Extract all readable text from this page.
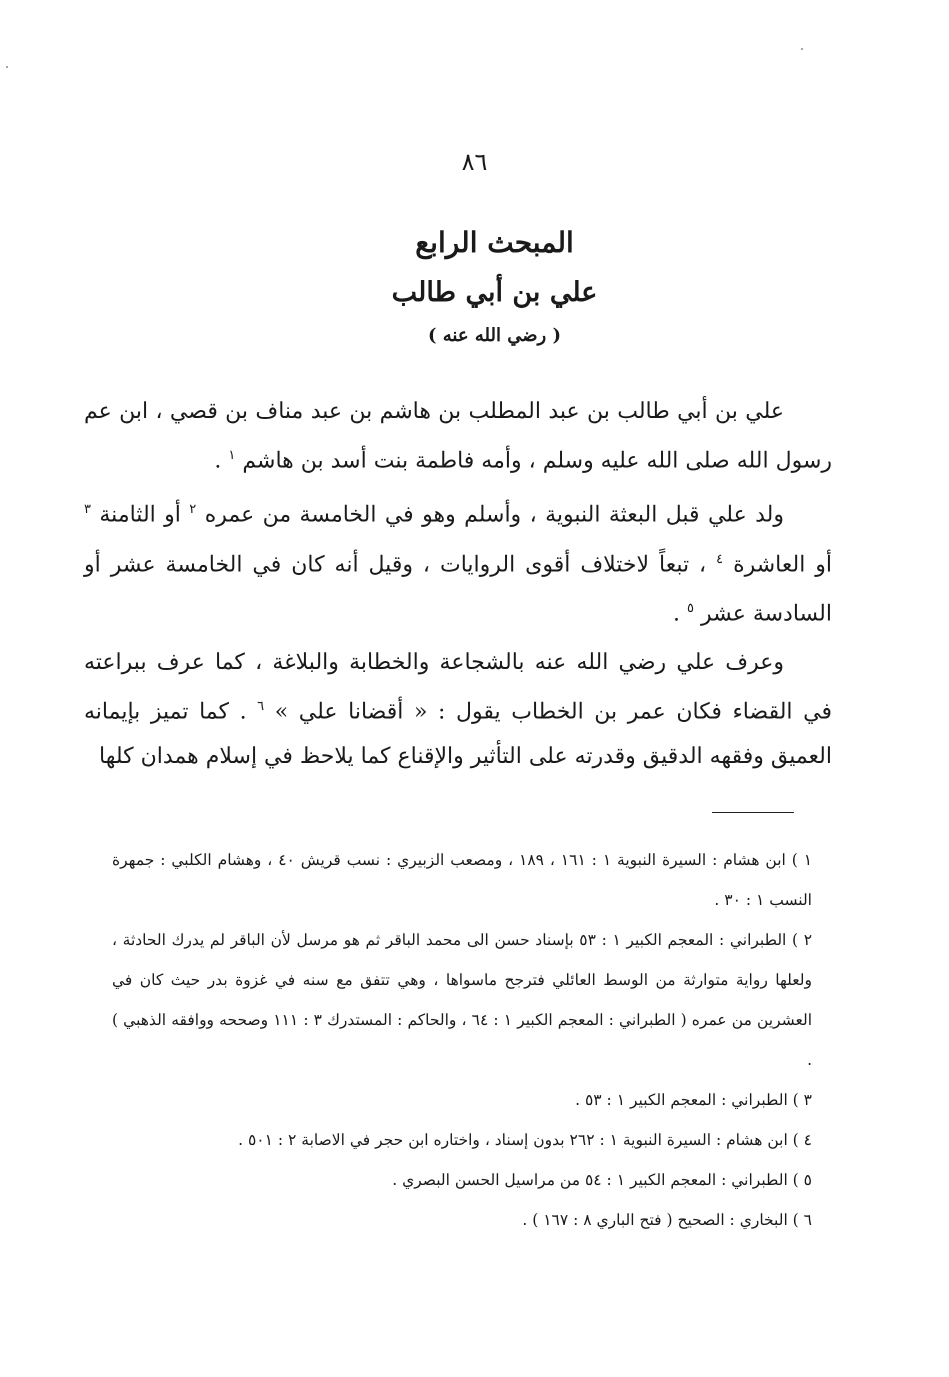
٨٦
المبحث الرابع
علي بن أبي طالب
( رضي الله عنه )

علي بن أبي طالب بن عبد المطلب بن هاشم بن عبد مناف بن قصي ، ابن عم رسول الله صلى الله عليه وسلم ، وأمه فاطمة بنت أسد بن هاشم $^١$ .

ولد علي قبل البعثة النبوية ، وأسلم وهو في الخامسة من عمره $^٢$ أو الثامنة $^٣$ أو العاشرة $^٤$ ، تبعاً لاختلاف أقوى الروايات ، وقيل أنه كان في الخامسة عشر أو السادسة عشر $^٥$ .

وعرف علي رضي الله عنه بالشجاعة والخطابة والبلاغة ، كما عرف ببراعته في القضاء فكان عمر بن الخطاب يقول : « أقضانا علي » $^٦$ . كما تميز بإيمانه العميق وفقهه الدقيق وقدرته على التأثير والإقناع كما يلاحظ في إسلام همدان كلها

١ ) ابن هشام : السيرة النبوية ١ : ١٦١ ، ١٨٩ ، ومصعب الزبيري : نسب قريش ٤٠ ، وهشام الكلبي : جمهرة النسب ١ : ٣٠ .

٢ ) الطبراني : المعجم الكبير ١ : ٥٣ بإسناد حسن الى محمد الباقر ثم هو مرسل لأن الباقر لم يدرك الحادثة ، ولعلها رواية متوارثة من الوسط العائلي فترجح ماسواها ، وهي تتفق مع سنه في غزوة بدر حيث كان في العشرين من عمره ( الطبراني : المعجم الكبير ١ : ٦٤ ، والحاكم : المستدرك ٣ : ١١١ وصححه ووافقه الذهبي ) .

٣ ) الطبراني : المعجم الكبير ١ : ٥٣ .

٤ ) ابن هشام : السيرة النبوية ١ : ٢٦٢ بدون إسناد ، واختاره ابن حجر في الاصابة ٢ : ٥٠١ .

٥ ) الطبراني : المعجم الكبير ١ : ٥٤ من مراسيل الحسن البصري .

٦ ) البخاري : الصحيح ( فتح الباري ٨ : ١٦٧ ) .
